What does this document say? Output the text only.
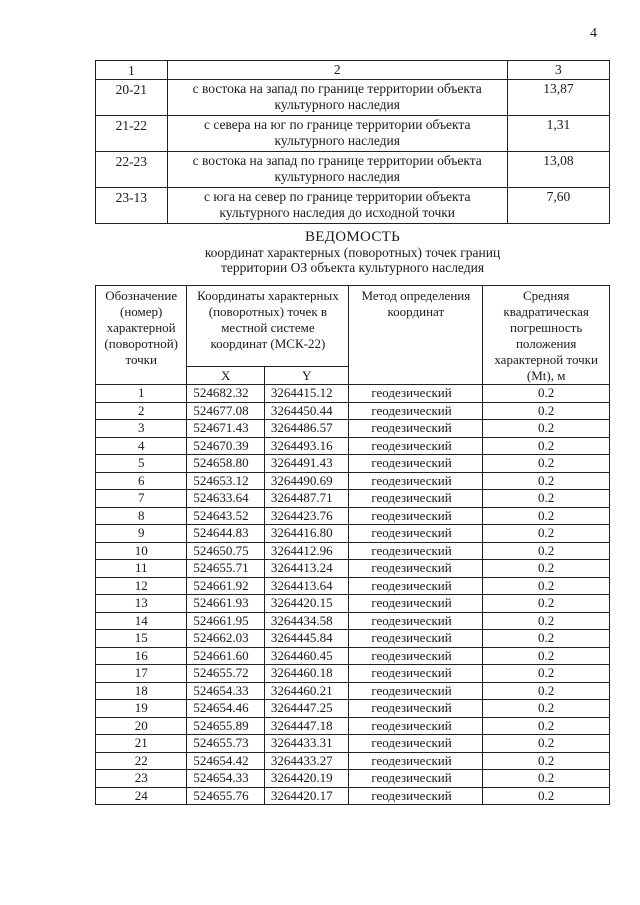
4
1	2	3
20-21	с востока на запад по границе территории объекта культурного наследия	13,87
21-22	с севера на юг по границе территории объекта культурного наследия	1,31
22-23	с востока на запад по границе территории объекта культурного наследия	13,08
23-13	с юга на север по границе территории объекта культурного наследия до исходной точки	7,60
ВЕДОМОСТЬ
координат характерных (поворотных) точек границ
территории ОЗ объекта культурного наследия
Обозначение (номер) характерной (поворотной) точки	Координаты характерных (поворотных) точек в местной системе координат (МСК-22)		Метод определения координат	Средняя квадратическая погрешность положения характерной точки (Mt), м
	X	Y		
1	524682.32	3264415.12	геодезический	0.2
2	524677.08	3264450.44	геодезический	0.2
3	524671.43	3264486.57	геодезический	0.2
4	524670.39	3264493.16	геодезический	0.2
5	524658.80	3264491.43	геодезический	0.2
6	524653.12	3264490.69	геодезический	0.2
7	524633.64	3264487.71	геодезический	0.2
8	524643.52	3264423.76	геодезический	0.2
9	524644.83	3264416.80	геодезический	0.2
10	524650.75	3264412.96	геодезический	0.2
11	524655.71	3264413.24	геодезический	0.2
12	524661.92	3264413.64	геодезический	0.2
13	524661.93	3264420.15	геодезический	0.2
14	524661.95	3264434.58	геодезический	0.2
15	524662.03	3264445.84	геодезический	0.2
16	524661.60	3264460.45	геодезический	0.2
17	524655.72	3264460.18	геодезический	0.2
18	524654.33	3264460.21	геодезический	0.2
19	524654.46	3264447.25	геодезический	0.2
20	524655.89	3264447.18	геодезический	0.2
21	524655.73	3264433.31	геодезический	0.2
22	524654.42	3264433.27	геодезический	0.2
23	524654.33	3264420.19	геодезический	0.2
24	524655.76	3264420.17	геодезический	0.2
